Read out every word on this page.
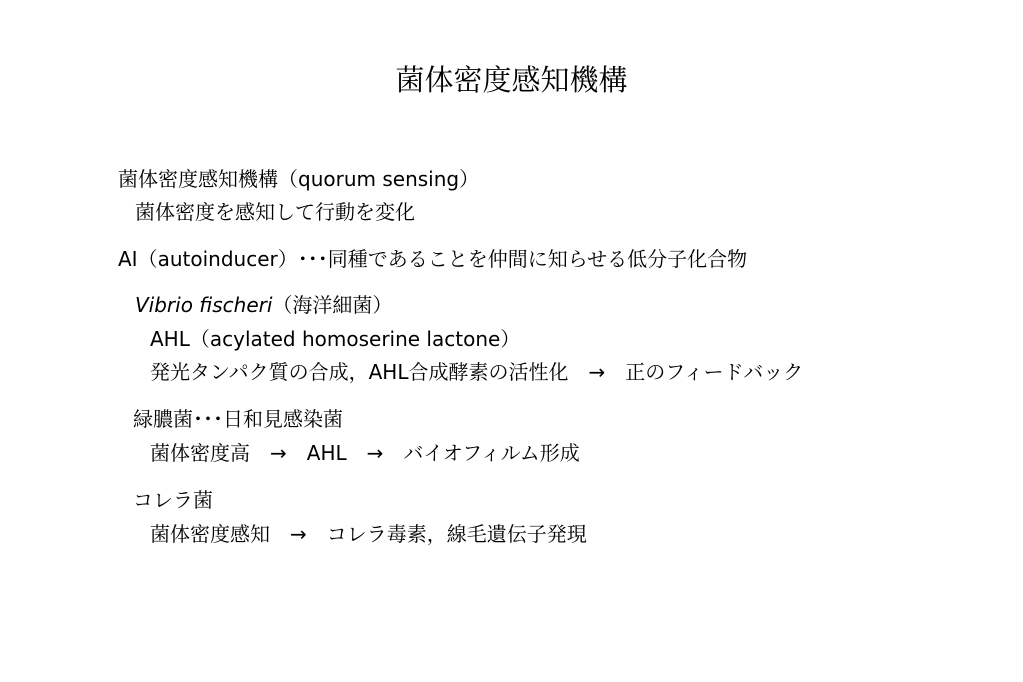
菌体密度感知機構
菌体密度感知機構（quorum sensing）
菌体密度を感知して行動を変化
AI（autoinducer）･･･同種であることを仲間に知らせる低分子化合物
Vibrio fischeri（海洋細菌）
AHL（acylated homoserine lactone）
発光タンパク質の合成，AHL合成酵素の活性化　→　正のフィードバック
緑膿菌･･･日和見感染菌
菌体密度高　→　AHL　→　バイオフィルム形成
コレラ菌
菌体密度感知　→　コレラ毒素，線毛遺伝子発現
